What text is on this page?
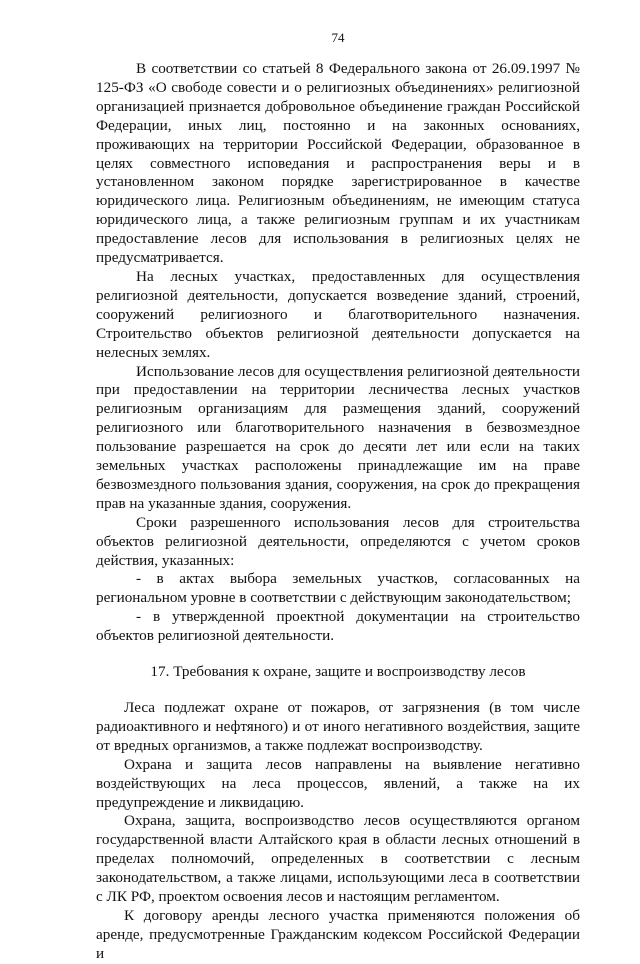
74

В соответствии со статьей 8 Федерального закона от 26.09.1997 № 125-ФЗ «О свободе совести и о религиозных объединениях» религиозной организацией признается добровольное объединение граждан Российской Федерации, иных лиц, постоянно и на законных основаниях, проживающих на территории Российской Федерации, образованное в целях совместного исповедания и распространения веры и в установленном законом порядке зарегистрированное в качестве юридического лица. Религиозным объединениям, не имеющим статуса юридического лица, а также религиозным группам и их участникам предоставление лесов для использования в религиозных целях не предусматривается.

На лесных участках, предоставленных для осуществления религиозной деятельности, допускается возведение зданий, строений, сооружений религиозного и благотворительного назначения. Строительство объектов религиозной деятельности допускается на нелесных землях.

Использование лесов для осуществления религиозной деятельности при предоставлении на территории лесничества лесных участков религиозным организациям для размещения зданий, сооружений религиозного или благотворительного назначения в безвозмездное пользование разрешается на срок до десяти лет или если на таких земельных участках расположены принадлежащие им на праве безвозмездного пользования здания, сооружения, на срок до прекращения прав на указанные здания, сооружения.

Сроки разрешенного использования лесов для строительства объектов религиозной деятельности, определяются с учетом сроков действия, указанных:

- в актах выбора земельных участков, согласованных на региональном уровне в соответствии с действующим законодательством;

- в утвержденной проектной документации на строительство объектов религиозной деятельности.

17. Требования к охране, защите и воспроизводству лесов

Леса подлежат охране от пожаров, от загрязнения (в том числе радиоактивного и нефтяного) и от иного негативного воздействия, защите от вредных организмов, а также подлежат воспроизводству.

Охрана и защита лесов направлены на выявление негативно воздействующих на леса процессов, явлений, а также на их предупреждение и ликвидацию.

Охрана, защита, воспроизводство лесов осуществляются органом государственной власти Алтайского края в области лесных отношений в пределах полномочий, определенных в соответствии с лесным законодательством, а также лицами, использующими леса в соответствии с ЛК РФ, проектом освоения лесов и настоящим регламентом.

К договору аренды лесного участка применяются положения об аренде, предусмотренные Гражданским кодексом Российской Федерации и
